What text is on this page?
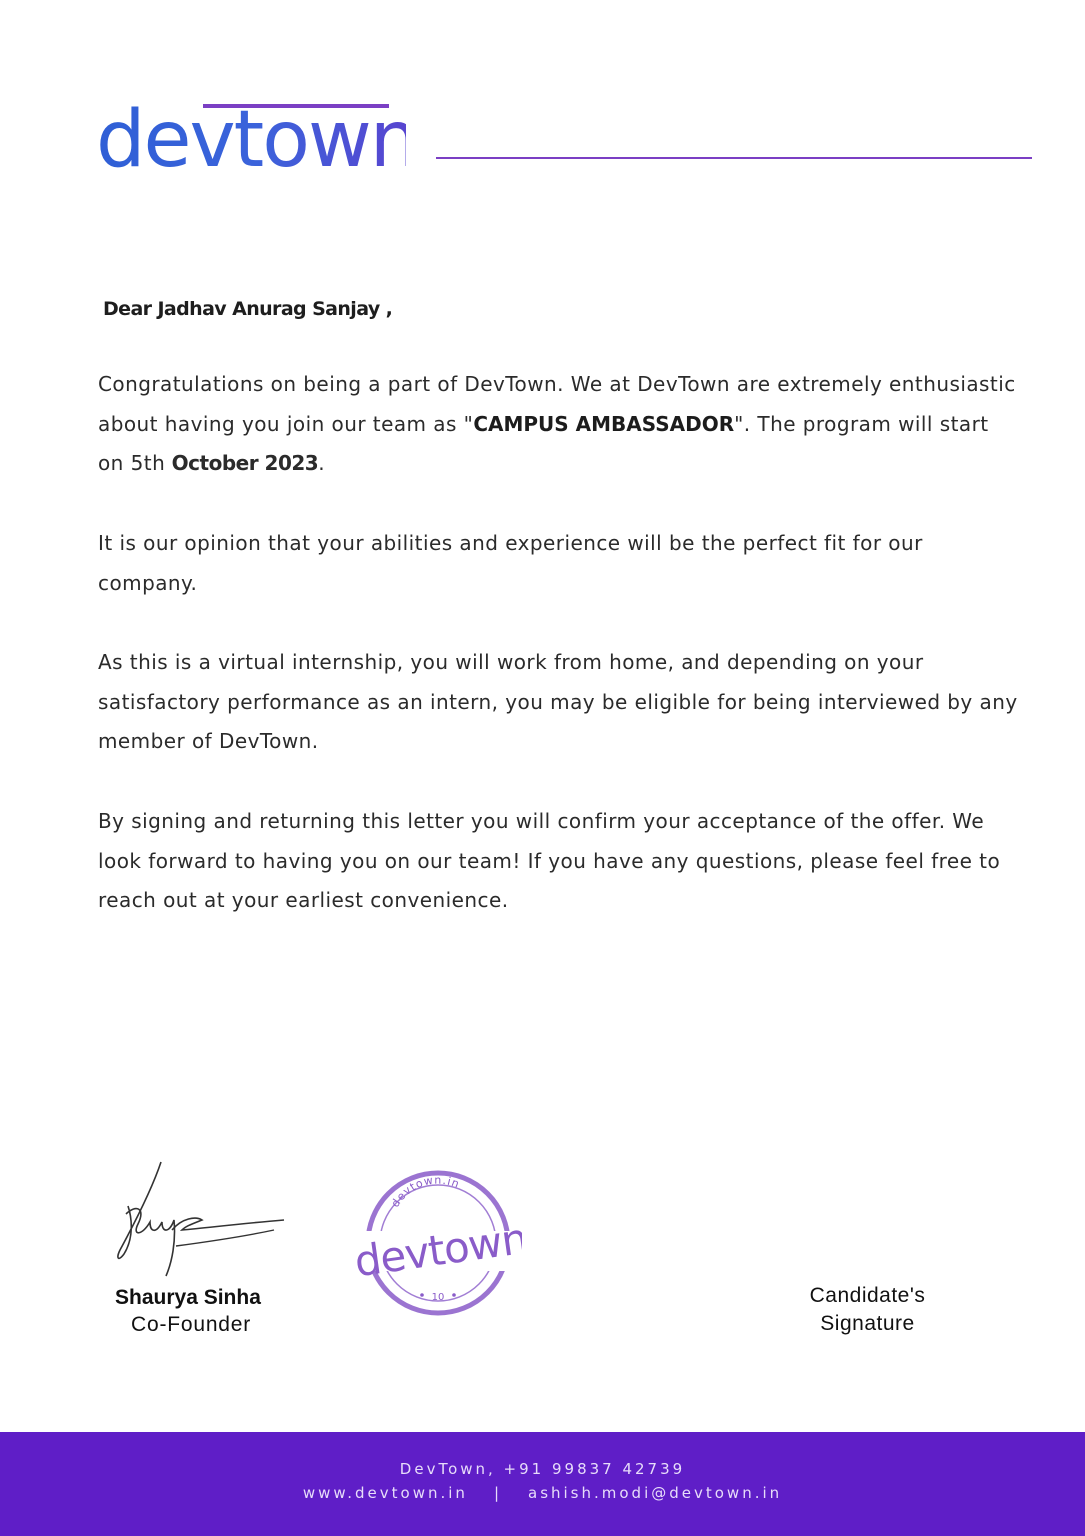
devtown
Dear Jadhav Anurag Sanjay ,

Congratulations on being a part of DevTown. We at DevTown are extremely enthusiastic about having you join our team as "CAMPUS AMBASSADOR". The program will start on 5th October 2023.

It is our opinion that your abilities and experience will be the perfect fit for our company.

As this is a virtual internship, you will work from home, and depending on your satisfactory performance as an intern, you may be eligible for being interviewed by any member of DevTown.

By signing and returning this letter you will confirm your acceptance of the offer. We look forward to having you on our team! If you have any questions, please feel free to reach out at your earliest convenience.

Shaurya Sinha
Co-Founder
devtown.in
devtown
10	Candidate's
Signature
DevTown, +91 99837 42739
www.devtown.in | ashish.modi@devtown.in
